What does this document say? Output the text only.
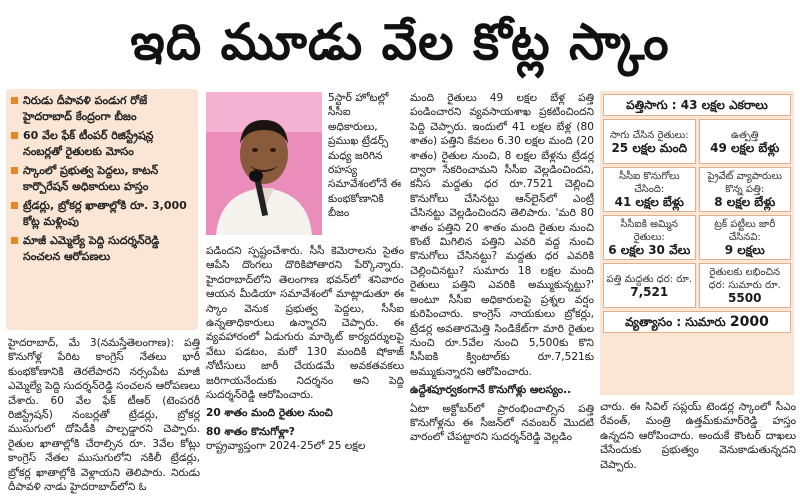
ఇది మూడు వేల కోట్ల స్కాం
నిరుడు దీపావళి పండుగ రోజే హైదరాబాద్ కేంద్రంగా బీజం
60 వేల ఫేక్ టీంపర్ రిజిస్ట్రేషన్ల నంబర్లతో రైతులకు మోసం
స్కాంలో ప్రభుత్వ పెద్దలు, కాటన్ కార్పొరేషన్ అధికారులు హస్తం
ట్రేడర్లు, బ్రోకర్ల ఖాతాల్లోకి రూ. 3,000 కోట్ల మళ్లింపు
మాజీ ఎమ్మెల్యే పెద్ది సుదర్శన్‌రెడ్డి సంచలన ఆరోపణలు
హైదరాబాద్, మే 3(నమస్తేతెలంగాణ): పత్తి కొనుగోళ్ల పేరిట కాంగ్రెస్ నేతలు భారీ కుంభకోణానికి తెరలేపారని నర్సంపేట మాజీ ఎమ్మెల్యే పెద్ది సుదర్శన్‌రెడ్డి సంచలన ఆరోపణలు చేశారు. 60 వేల ఫేక్ టీఆర్ (టెంపరరీ రిజిస్ట్రేషన్) నంబర్లతో ట్రేడర్లు, బ్రోకర్ల ముసుగులో దోపిడీకి పాల్పడ్డారని చెప్పారు. రైతుల ఖాతాల్లోకి చేరాల్సిన రూ. 3వేల కోట్లు కాంగ్రెస్ నేతల ముసుగులోని నకిలీ ట్రేడర్లు, బ్రోకర్ల ఖాతాల్లోకి వెళ్లాయని తెలిపారు. నిరుడు దీపావళి నాడు హైదరాబాద్‌లోని ఓ
5స్టార్ హోటల్లో సీసీఐ అధికారులు, ప్రముఖ ట్రేడర్స్ మధ్య జరిగిన రహస్య సమావేశంలోనే ఈ కుంభకోణానికి బీజం
పడిందని స్పష్టంచేశారు. సీసీ కెమెరాలను సైతం ఆపేసి దొంగలు దొరికిపోతారని పేర్కొన్నారు. హైదరాబాద్‌లోని తెలంగాణ భవన్‌లో శనివారం ఆయన మీడియా సమావేశంలో మాట్లాడుతూ ఈ స్కాం వెనుక ప్రభుత్వ పెద్దలు, సీసీఐ ఉన్నతాధికారులు ఉన్నారని చెప్పారు. ఈ వ్యవహారంలో ఏడుగురు మార్కెట్ కార్యదర్శులపై వేటు పడటం, మరో 130 మందికి షోకాజ్ నోటీసులు జారీ చేయడమే అవకతవకలు జరిగాయనేందుకు నిదర్శనం అని పెద్ది సుదర్శన్‌రెడ్డి ఆరోపించారు.
20 శాతం మంది రైతుల నుంచి
80 శాతం కొనుగోళ్లా?
రాష్ట్రవ్యాప్తంగా 2024-25లో 25 లక్షల
మంది రైతులు 49 లక్షల బేళ్ల పత్తి పండించారని వ్యవసాయశాఖ ప్రకటించిందని పెద్ది చెప్పారు. ఇందులో 41 లక్షల బేళ్ల (80 శాతం) పత్తిని కేవలం 6.30 లక్షల మంది (20 శాతం) రైతుల నుంచి, 8 లక్షల బేళ్లను ట్రేడర్ల ద్వారా సేకరించామని సీసీఐ వెల్లడించిందని, కనీస మద్దతు ధర రూ.7521 చెల్లించి కొనుగోలు చేసినట్టు ఆన్‌లైన్‌లో ఎంట్రీ చేసినట్టు వెల్లడించిందని తెలిపారు. 'మరి 80 శాతం పత్తిని 20 శాతం మంది రైతుల నుంచి కొంటే మిగిలిన పత్తిని ఎవరి వద్ద నుంచి కొనుగోలు చేసినట్టు? మద్దతు ధర ఎవరికి చెల్లించినట్టు? సుమారు 18 లక్షల మంది రైతులు పత్తిని ఎవరికి అమ్ముకున్నట్టు?' అంటూ సీసీఐ అధికారులపై ప్రశ్నల వర్షం కురిపించారు. కాంగ్రెస్ నాయకులు బ్రోకర్లు, ట్రేడర్ల అవతారమెత్తి సిండికేట్‌గా మారి రైతుల నుంచి రూ.5వేల నుంచి 5,500కు కొని సీసీఐకి క్వింటాల్‌కు రూ.7,521కు అమ్ముకున్నారని ఆరోపించారు.
ఉద్దేశపూర్వకంగానే కొనుగోళ్లు ఆలస్యం..
ఏటా అక్టోబర్‌లో ప్రారంభించాల్సిన పత్తి కొనుగోళ్లను ఈ సీజన్‌లో నవంబర్ మొదటి వారంలో చేపట్టారని సుదర్శన్‌రెడ్డి వెల్లడిం
పత్తిసాగు : 43 లక్షల ఎకరాలు
సాగు చేసిన రైతులు:
25 లక్షల మంది
ఉత్పత్తి
49 లక్షల బేళ్లు
సీసీఐ కొనుగోలు చేసింది:
41 లక్షల బేళ్లు
ప్రైవేట్ వ్యాపారులు కొన్న పత్తి:
8 లక్షల బేళ్లు
సీసీఐకి అమ్మిన రైతులు:
6 లక్షల 30 వేలు
ట్రక్ పట్టీలు జారీ చేసినవి:
9 లక్షలు
పత్తి మద్దతు ధర: రూ.
7,521
రైతులకు లభించిన ధర: సుమారు రూ.
5500
వ్యత్యాసం : సుమారు 2000
చారు. ఈ సివిల్ సప్లయ్ టెండర్ల స్కాంలో సీఎం రేవంత్, మంత్రి ఉత్తమ్‌కుమార్‌రెడ్డి హస్తం ఉన్నదని ఆరోపించారు. అందుకే కౌంటర్ దాఖలు చేసేందుకు ప్రభుత్వం వెనుకాడుతున్నదని చెప్పారు.
